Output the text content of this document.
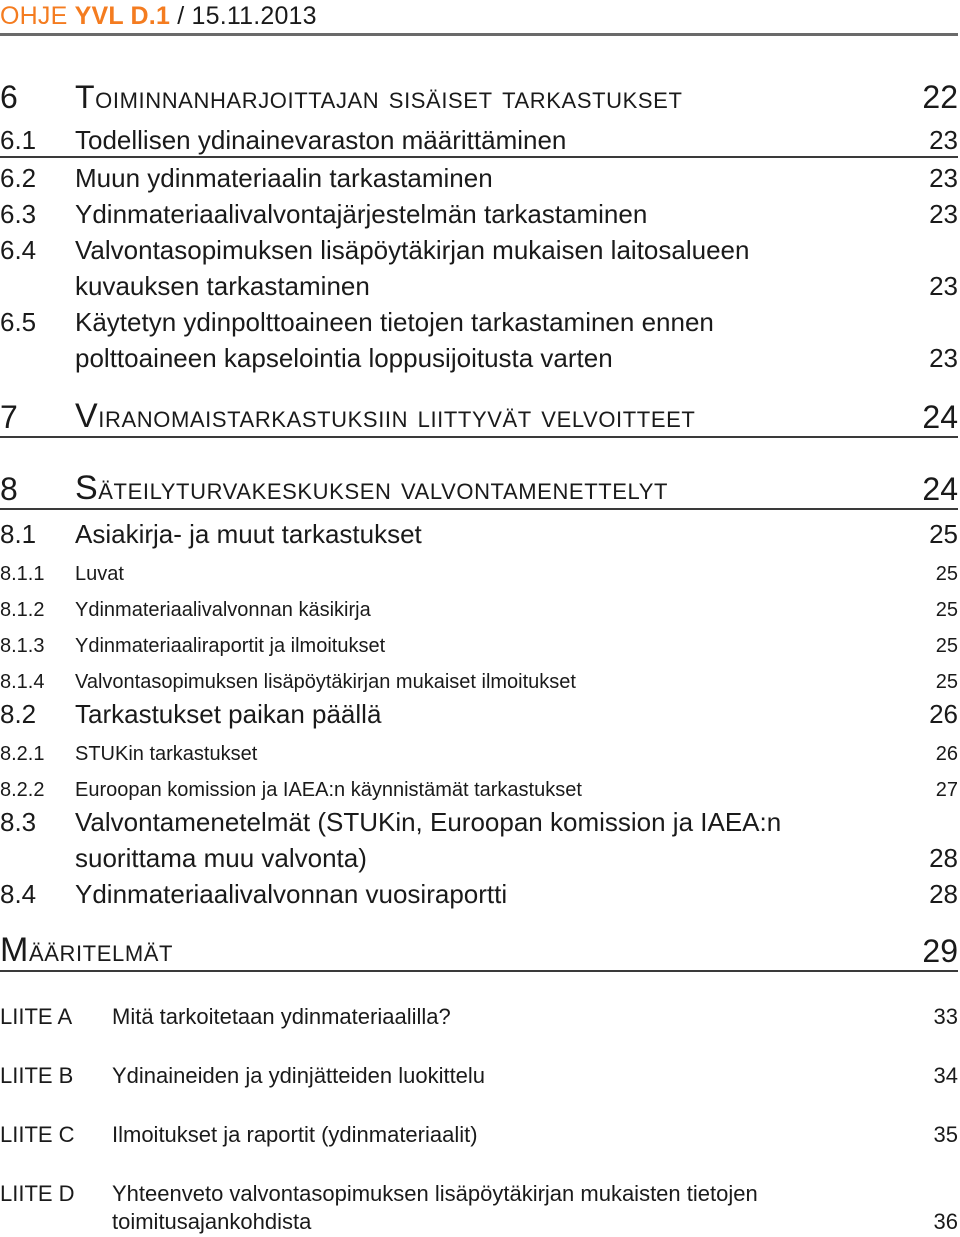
OHJE YVL D.1 / 15.11.2013
6 Toiminnanharjoittajan sisäiset tarkastukset	22
6.1 Todellisen ydinainevaraston määrittäminen	23
6.2 Muun ydinmateriaalin tarkastaminen	23
6.3 Ydinmateriaalivalvontajärjestelmän tarkastaminen	23
6.4 Valvontasopimuksen lisäpöytäkirjan mukaisen laitosalueen
kuvauksen tarkastaminen	23
6.5 Käytetyn ydinpolttoaineen tietojen tarkastaminen ennen
polttoaineen kapselointia loppusijoitusta varten	23
7 Viranomaistarkastuksiin liittyvät velvoitteet	24
8 Säteilyturvakeskuksen valvontamenettelyt	24
8.1 Asiakirja- ja muut tarkastukset	25
8.1.1 Luvat	25
8.1.2 Ydinmateriaalivalvonnan käsikirja	25
8.1.3 Ydinmateriaaliraportit ja ilmoitukset	25
8.1.4 Valvontasopimuksen lisäpöytäkirjan mukaiset ilmoitukset	25
8.2 Tarkastukset paikan päällä	26
8.2.1 STUKin tarkastukset	26
8.2.2 Euroopan komission ja IAEA:n käynnistämät tarkastukset	27
8.3 Valvontamenetelmät (STUKin, Euroopan komission ja IAEA:n
suorittama muu valvonta)	28
8.4 Ydinmateriaalivalvonnan vuosiraportti	28
Määritelmät	29
LIITE A Mitä tarkoitetaan ydinmateriaalilla?	33
LIITE B Ydinaineiden ja ydinjätteiden luokittelu	34
LIITE C Ilmoitukset ja raportit (ydinmateriaalit)	35
LIITE D Yhteenveto valvontasopimuksen lisäpöytäkirjan mukaisten tietojen
toimitusajankohdista	36
